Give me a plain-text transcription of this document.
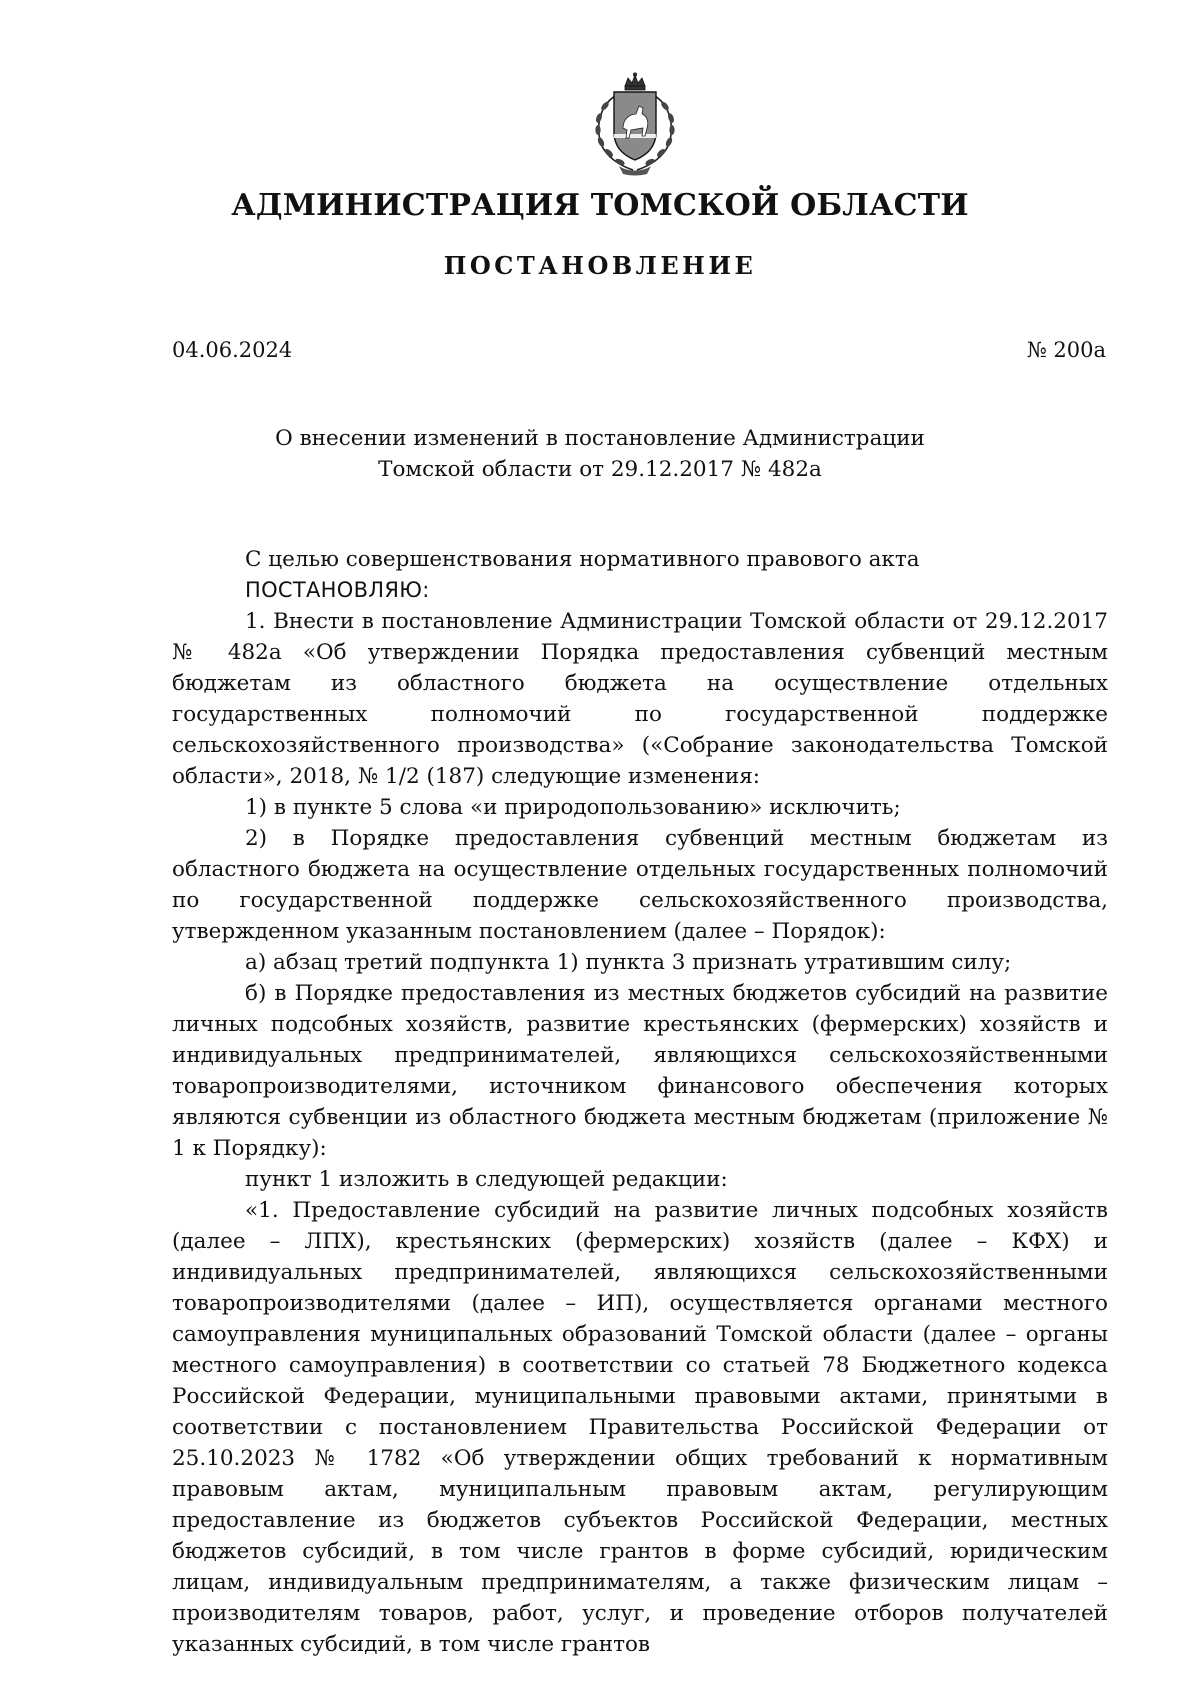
АДМИНИСТРАЦИЯ ТОМСКОЙ ОБЛАСТИ
ПОСТАНОВЛЕНИЕ
04.06.2024	№ 200а
О внесении изменений в постановление Администрации
Томской области от 29.12.2017 № 482а

С целью совершенствования нормативного правового акта

ПОСТАНОВЛЯЮ:

1. Внести в постановление Администрации Томской области от 29.12.2017 № 482а «Об утверждении Порядка предоставления субвенций местным бюджетам из областного бюджета на осуществление отдельных государственных полномочий по государственной поддержке сельскохозяйственного производства» («Собрание законодательства Томской области», 2018, № 1/2 (187) следующие изменения:

1) в пункте 5 слова «и природопользованию» исключить;

2) в Порядке предоставления субвенций местным бюджетам из областного бюджета на осуществление отдельных государственных полномочий по государственной поддержке сельскохозяйственного производства, утвержденном указанным постановлением (далее – Порядок):

а) абзац третий подпункта 1) пункта 3 признать утратившим силу;

б) в Порядке предоставления из местных бюджетов субсидий на развитие личных подсобных хозяйств, развитие крестьянских (фермерских) хозяйств и индивидуальных предпринимателей, являющихся сельскохозяйственными товаропроизводителями, источником финансового обеспечения которых являются субвенции из областного бюджета местным бюджетам (приложение № 1 к Порядку):

пункт 1 изложить в следующей редакции:

«1. Предоставление субсидий на развитие личных подсобных хозяйств (далее – ЛПХ), крестьянских (фермерских) хозяйств (далее – КФХ) и индивидуальных предпринимателей, являющихся сельскохозяйственными товаропроизводителями (далее – ИП), осуществляется органами местного самоуправления муниципальных образований Томской области (далее – органы местного самоуправления) в соответствии со статьей 78 Бюджетного кодекса Российской Федерации, муниципальными правовыми актами, принятыми в соответствии с постановлением Правительства Российской Федерации от 25.10.2023 № 1782 «Об утверждении общих требований к нормативным правовым актам, муниципальным правовым актам, регулирующим предоставление из бюджетов субъектов Российской Федерации, местных бюджетов субсидий, в том числе грантов в форме субсидий, юридическим лицам, индивидуальным предпринимателям, а также физическим лицам – производителям товаров, работ, услуг, и проведение отборов получателей указанных субсидий, в том числе грантов
